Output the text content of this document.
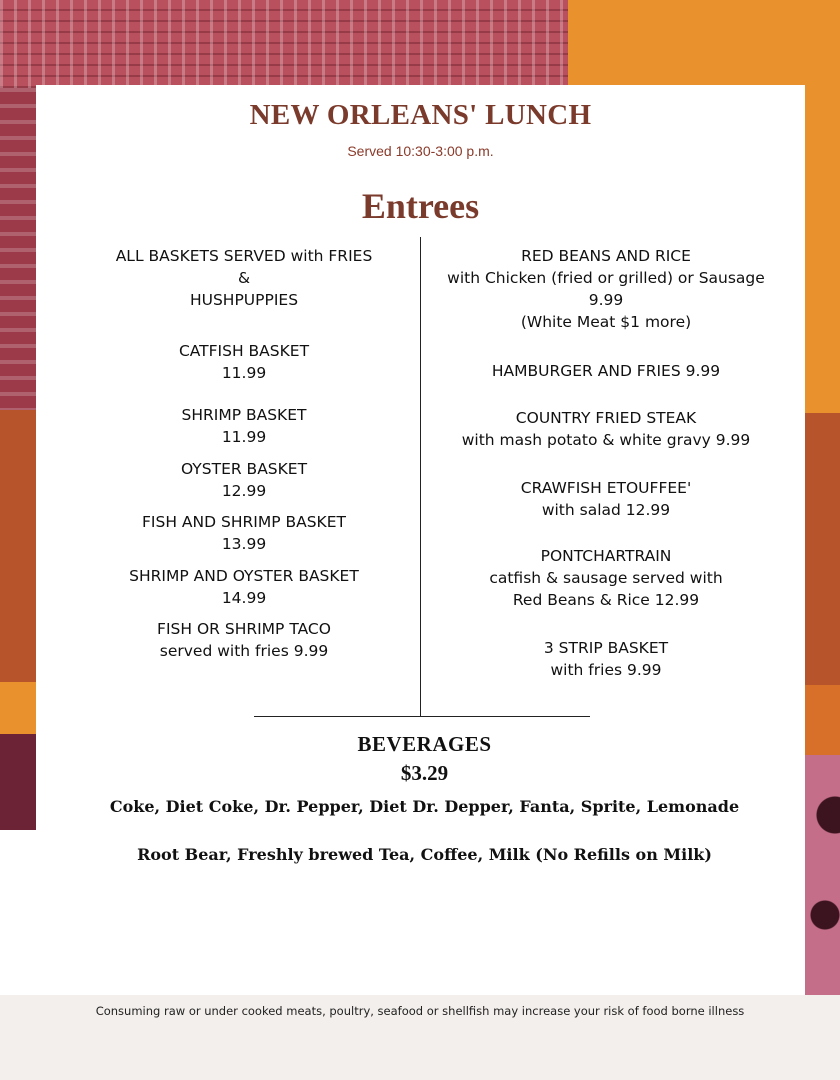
NEW ORLEANS' LUNCH
Served 10:30-3:00 p.m.
Entrees
ALL BASKETS SERVED with FRIES
&
HUSHPUPPIES
CATFISH BASKET
11.99
SHRIMP BASKET
11.99
OYSTER BASKET
12.99
FISH AND SHRIMP BASKET
13.99
SHRIMP AND OYSTER BASKET
14.99
FISH OR SHRIMP TACO
served with fries 9.99
RED BEANS AND RICE
with Chicken (fried or grilled) or Sausage
9.99
(White Meat $1 more)
HAMBURGER AND FRIES 9.99
COUNTRY FRIED STEAK
with mash potato & white gravy 9.99
CRAWFISH ETOUFFEE'
with salad 12.99
PONTCHARTRAIN
catfish & sausage served with
Red Beans & Rice 12.99
3 STRIP BASKET
with fries 9.99
BEVERAGES
$3.29
Coke, Diet Coke, Dr. Pepper, Diet Dr. Depper, Fanta, Sprite, Lemonade
Root Bear, Freshly brewed Tea, Coffee, Milk (No Refills on Milk)
Consuming raw or under cooked meats, poultry, seafood or shellfish may increase your risk of food borne illness
